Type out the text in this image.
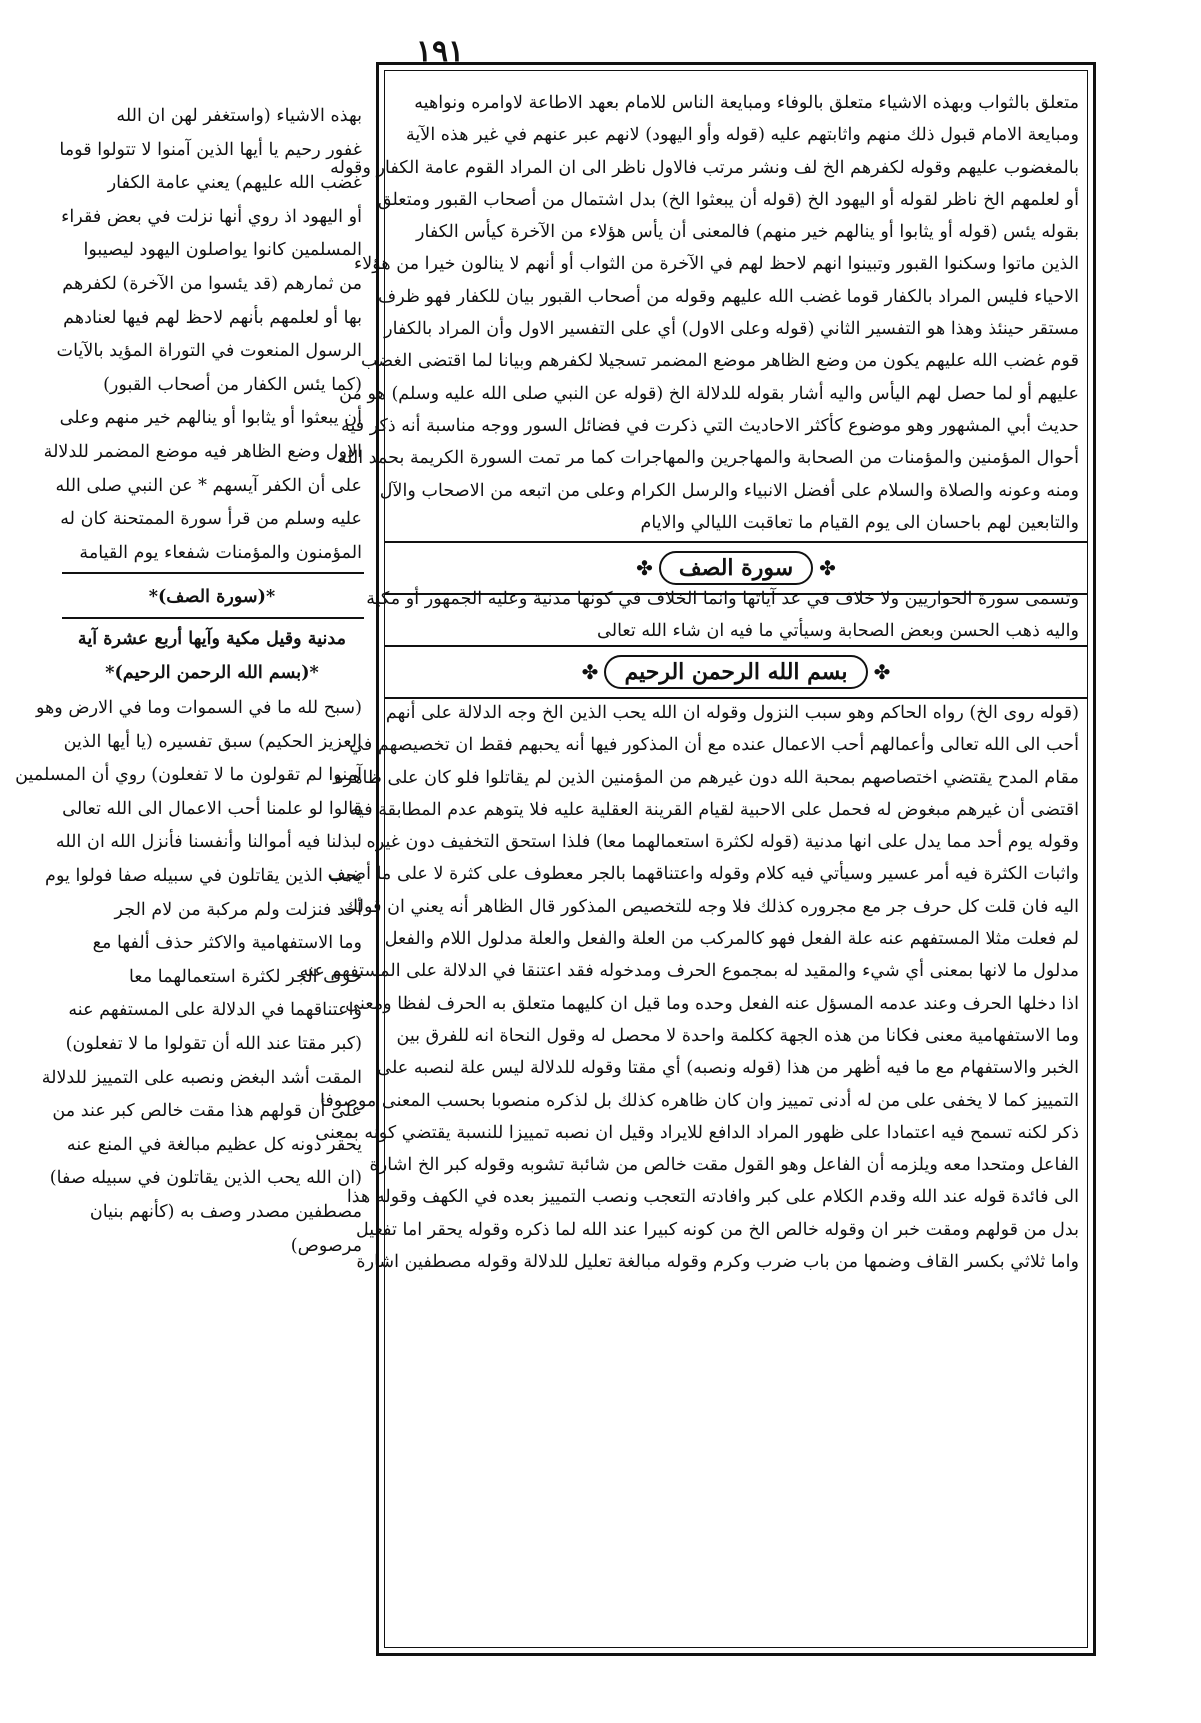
١٩١
متعلق بالثواب وبهذه الاشياء متعلق بالوفاء ومبايعة الناس للامام بعهد الاطاعة لاوامره ونواهيه
ومبايعة الامام قبول ذلك منهم واثابتهم عليه (قوله وأو اليهود) لانهم عبر عنهم في غير هذه الآية
بالمغضوب عليهم وقوله لكفرهم الخ لف ونشر مرتب فالاول ناظر الى ان المراد القوم عامة الكفار وقوله
أو لعلمهم الخ ناظر لقوله أو اليهود الخ (قوله أن يبعثوا الخ) بدل اشتمال من أصحاب القبور ومتعلق
بقوله يئس (قوله أو يثابوا أو ينالهم خير منهم) فالمعنى أن يأس هؤلاء من الآخرة كيأس الكفار
الذين ماتوا وسكنوا القبور وتبينوا انهم لاحظ لهم في الآخرة من الثواب أو أنهم لا ينالون خيرا من هؤلاء
الاحياء فليس المراد بالكفار قوما غضب الله عليهم وقوله من أصحاب القبور بيان للكفار فهو ظرف
مستقر حينئذ وهذا هو التفسير الثاني (قوله وعلى الاول) أي على التفسير الاول وأن المراد بالكفار
قوم غضب الله عليهم يكون من وضع الظاهر موضع المضمر تسجيلا لكفرهم وبيانا لما اقتضى الغضب
عليهم أو لما حصل لهم اليأس واليه أشار بقوله للدلالة الخ (قوله عن النبي صلى الله عليه وسلم) هو من
حديث أبي المشهور وهو موضوع كأكثر الاحاديث التي ذكرت في فضائل السور ووجه مناسبة أنه ذكر فيه
أحوال المؤمنين والمؤمنات من الصحابة والمهاجرين والمهاجرات كما مر تمت السورة الكريمة بحمد الله
ومنه وعونه والصلاة والسلام على أفضل الانبياء والرسل الكرام وعلى من اتبعه من الاصحاب والآل
والتابعين لهم باحسان الى يوم القيام ما تعاقبت الليالي والايام
✤
سورة الصف
✤
وتسمى سورة الحواريين ولا خلاف في عد آياتها وانما الخلاف في كونها مدنية وعليه الجمهور أو مكية
واليه ذهب الحسن وبعض الصحابة وسيأتي ما فيه ان شاء الله تعالى
✤
بسم الله الرحمن الرحيم
✤
(قوله روى الخ) رواه الحاكم وهو سبب النزول وقوله ان الله يحب الذين الخ وجه الدلالة على أنهم
أحب الى الله تعالى وأعمالهم أحب الاعمال عنده مع أن المذكور فيها أنه يحبهم فقط ان تخصيصهم في
مقام المدح يقتضي اختصاصهم بمحبة الله دون غيرهم من المؤمنين الذين لم يقاتلوا فلو كان على ظاهره
اقتضى أن غيرهم مبغوض له فحمل على الاحبية لقيام القرينة العقلية عليه فلا يتوهم عدم المطابقة فيه
وقوله يوم أحد مما يدل على انها مدنية (قوله لكثرة استعمالهما معا) فلذا استحق التخفيف دون غيره
واثبات الكثرة فيه أمر عسير وسيأتي فيه كلام وقوله واعتناقهما بالجر معطوف على كثرة لا على ما أضيف
اليه فان قلت كل حرف جر مع مجروره كذلك فلا وجه للتخصيص المذكور قال الظاهر أنه يعني ان قولك
لم فعلت مثلا المستفهم عنه علة الفعل فهو كالمركب من العلة والفعل والعلة مدلول اللام والفعل
مدلول ما لانها بمعنى أي شيء والمقيد له بمجموع الحرف ومدخوله فقد اعتنقا في الدلالة على المستفهم عنه
اذا دخلها الحرف وعند عدمه المسؤل عنه الفعل وحده وما قيل ان كليهما متعلق به الحرف لفظا ومعنى
وما الاستفهامية معنى فكانا من هذه الجهة ككلمة واحدة لا محصل له وقول النحاة انه للفرق بين
الخبر والاستفهام مع ما فيه أظهر من هذا (قوله ونصبه) أي مقتا وقوله للدلالة ليس علة لنصبه على
التمييز كما لا يخفى على من له أدنى تمييز وان كان ظاهره كذلك بل لذكره منصوبا بحسب المعنى موصوفا
ذكر لكنه تسمح فيه اعتمادا على ظهور المراد الدافع للايراد وقيل ان نصبه تمييزا للنسبة يقتضي كونه بمعنى
الفاعل ومتحدا معه ويلزمه أن الفاعل وهو القول مقت خالص من شائبة تشوبه وقوله كبر الخ اشارة
الى فائدة قوله عند الله وقدم الكلام على كبر وافادته التعجب ونصب التمييز بعده في الكهف وقوله هذا
بدل من قولهم ومقت خبر ان وقوله خالص الخ من كونه كبيرا عند الله لما ذكره وقوله يحقر اما تفعيل
واما ثلاثي بكسر القاف وضمها من باب ضرب وكرم وقوله مبالغة تعليل للدلالة وقوله مصطفين اشارة
بهذه الاشياء (واستغفر لهن ان الله
غفور رحيم يا أيها الذين آمنوا لا تتولوا قوما
غضب الله عليهم) يعني عامة الكفار
أو اليهود اذ روي أنها نزلت في بعض فقراء
المسلمين كانوا يواصلون اليهود ليصيبوا
من ثمارهم (قد يئسوا من الآخرة) لكفرهم
بها أو لعلمهم بأنهم لاحظ لهم فيها لعنادهم
الرسول المنعوت في التوراة المؤيد بالآيات
(كما يئس الكفار من أصحاب القبور)
أن يبعثوا أو يثابوا أو ينالهم خير منهم وعلى
الاول وضع الظاهر فيه موضع المضمر للدلالة
على أن الكفر آيسهم * عن النبي صلى الله
عليه وسلم من قرأ سورة الممتحنة كان له
المؤمنون والمؤمنات شفعاء يوم القيامة
*(سورة الصف)*
مدنية وقيل مكية وآيها أربع عشرة آية
*(بسم الله الرحمن الرحيم)*
(سبح لله ما في السموات وما في الارض وهو
العزيز الحكيم) سبق تفسيره (يا أيها الذين
آمنوا لم تقولون ما لا تفعلون) روي أن المسلمين
قالوا لو علمنا أحب الاعمال الى الله تعالى
لبذلنا فيه أموالنا وأنفسنا فأنزل الله ان الله
يحب الذين يقاتلون في سبيله صفا فولوا يوم
أحد فنزلت ولم مركبة من لام الجر
وما الاستفهامية والاكثر حذف ألفها مع
حرف الجر لكثرة استعمالهما معا
واعتناقهما في الدلالة على المستفهم عنه
(كبر مقتا عند الله أن تقولوا ما لا تفعلون)
المقت أشد البغض ونصبه على التمييز للدلالة
على أن قولهم هذا مقت خالص كبر عند من
يحقر دونه كل عظيم مبالغة في المنع عنه
(ان الله يحب الذين يقاتلون في سبيله صفا)
مصطفين مصدر وصف به (كأنهم بنيان
مرصوص)
